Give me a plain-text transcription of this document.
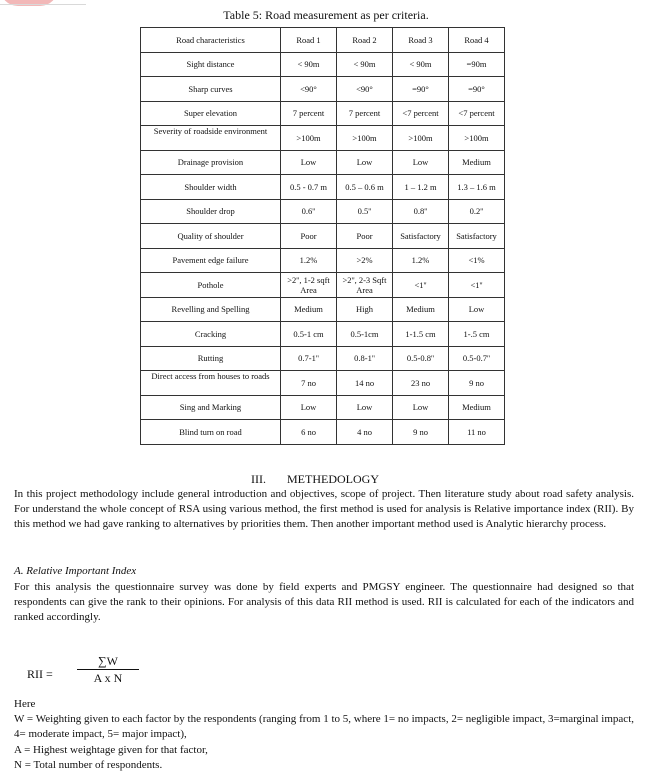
Table 5: Road measurement as per criteria.
Road characteristics	Road 1	Road 2	Road 3	Road 4
Sight distance	< 90m	< 90m	< 90m	=90m
Sharp curves	<90°	<90°	=90°	=90°
Super elevation	7 percent	7 percent	<7 percent	<7 percent
Severity of roadside environment	>100m	>100m	>100m	>100m
Drainage provision	Low	Low	Low	Medium
Shoulder width	0.5 - 0.7 m	0.5 – 0.6 m	1 – 1.2 m	1.3 – 1.6 m
Shoulder drop	0.6''	0.5''	0.8''	0.2''
Quality of shoulder	Poor	Poor	Satisfactory	Satisfactory
Pavement edge failure	1.2%	>2%	1.2%	<1%
Pothole	>2'', 1-2 sqft Area	>2'', 2-3 Sqft Area	<1''	<1''
Revelling and Spelling	Medium	High	Medium	Low
Cracking	0.5-1 cm	0.5-1cm	1-1.5 cm	1-.5 cm
Rutting	0.7-1''	0.8-1''	0.5-0.8''	0.5-0.7''
Direct access from houses to roads	7 no	14 no	23 no	9 no
Sing and Marking	Low	Low	Low	Medium
Blind turn on road	6 no	4 no	9 no	11 no
III. METHEDOLOGY
In this project methodology include general introduction and objectives, scope of project. Then literature study about road safety analysis. For understand the whole concept of RSA using various method, the first method is used for analysis is Relative importance index (RII). By this method we had gave ranking to alternatives by priorities them. Then another important method used is Analytic hierarchy process.
A. Relative Important Index
For this analysis the questionnaire survey was done by field experts and PMGSY engineer. The questionnaire had designed so that respondents can give the rank to their opinions. For analysis of this data RII method is used. RII is calculated for each of the indicators and ranked accordingly.
RII =
∑W
A x N
Here
W = Weighting given to each factor by the respondents (ranging from 1 to 5, where 1= no impacts, 2= negligible impact, 3=marginal impact, 4= moderate impact, 5= major impact),
A = Highest weightage given for that factor,
N = Total number of respondents.
